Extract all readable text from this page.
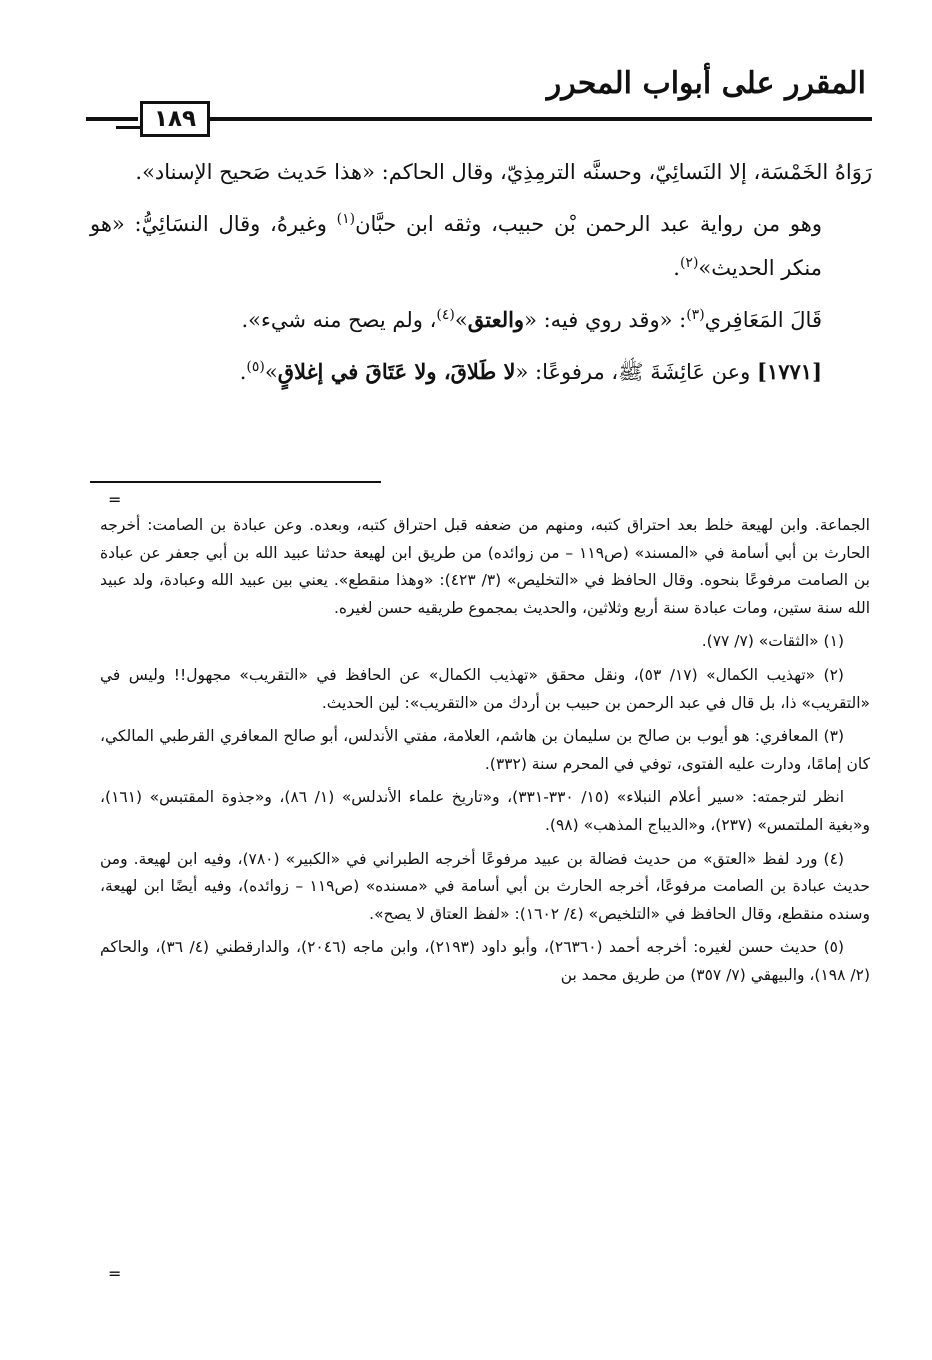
المقرر على أبواب المحرر
١٨٩

رَوَاهُ الخَمْسَة، إلا النَسائِيّ، وحسنَّه الترمِذِيّ، وقال الحاكم: «هذا حَديث صَحيح الإسناد».

وهو من رواية عبد الرحمن بْن حبيب، وثقه ابن حبَّان$^{(١)}$ وغيرهُ، وقال النسَائِيُّ: «هو منكر الحديث»$^{(٢)}$.

قَالَ المَعَافِري$^{(٣)}$: «وقد روي فيه: «والعتق»$^{(٤)}$، ولم يصح منه شيء».

[١٧٧١] وعن عَائِشَةَ ﷺ، مرفوعًا: «لا طَلاقَ، ولا عَتَاقَ في إغلاقٍ»$^{(٥)}$.

=

الجماعة. وابن لهيعة خلط بعد احتراق كتبه، ومنهم من ضعفه قبل احتراق كتبه، وبعده. وعن عبادة بن الصامت: أخرجه الحارث بن أبي أسامة في «المسند» (ص١١٩ – من زوائده) من طريق ابن لهيعة حدثنا عبيد الله بن أبي جعفر عن عبادة بن الصامت مرفوعًا بنحوه. وقال الحافظ في «التخليص» (٣/ ٤٢٣): «وهذا منقطع». يعني بين عبيد الله وعبادة، ولد عبيد الله سنة ستين، ومات عبادة سنة أربع وثلاثين، والحديث بمجموع طريقيه حسن لغيره.

(١) «الثقات» (٧/ ٧٧).

(٢) «تهذيب الكمال» (١٧/ ٥٣)، ونقل محقق «تهذيب الكمال» عن الحافظ في «التقريب» مجهول!! وليس في «التقريب» ذا، بل قال في عبد الرحمن بن حبيب بن أردك من «التقريب»: لين الحديث.

(٣) المعافري: هو أيوب بن صالح بن سليمان بن هاشم، العلامة، مفتي الأندلس، أبو صالح المعافري القرطبي المالكي، كان إمامًا، ودارت عليه الفتوى، توفي في المحرم سنة (٣٣٢).

انظر لترجمته: «سير أعلام النبلاء» (١٥/ ٣٣٠-٣٣١)، و«تاريخ علماء الأندلس» (١/ ٨٦)، و«جذوة المقتبس» (١٦١)، و«بغية الملتمس» (٢٣٧)، و«الديباج المذهب» (٩٨).

(٤) ورد لفظ «العتق» من حديث فضالة بن عبيد مرفوعًا أخرجه الطبراني في «الكبير» (٧٨٠)، وفيه ابن لهيعة. ومن حديث عبادة بن الصامت مرفوعًا، أخرجه الحارث بن أبي أسامة في «مسنده» (ص١١٩ – زوائده)، وفيه أيضًا ابن لهيعة، وسنده منقطع، وقال الحافظ في «التلخيص» (٤/ ١٦٠٢): «لفظ العتاق لا يصح».

(٥) حديث حسن لغيره: أخرجه أحمد (٢٦٣٦٠)، وأبو داود (٢١٩٣)، وابن ماجه (٢٠٤٦)، والدارقطني (٤/ ٣٦)، والحاكم (٢/ ١٩٨)، والبيهقي (٧/ ٣٥٧) من طريق محمد بن

=
